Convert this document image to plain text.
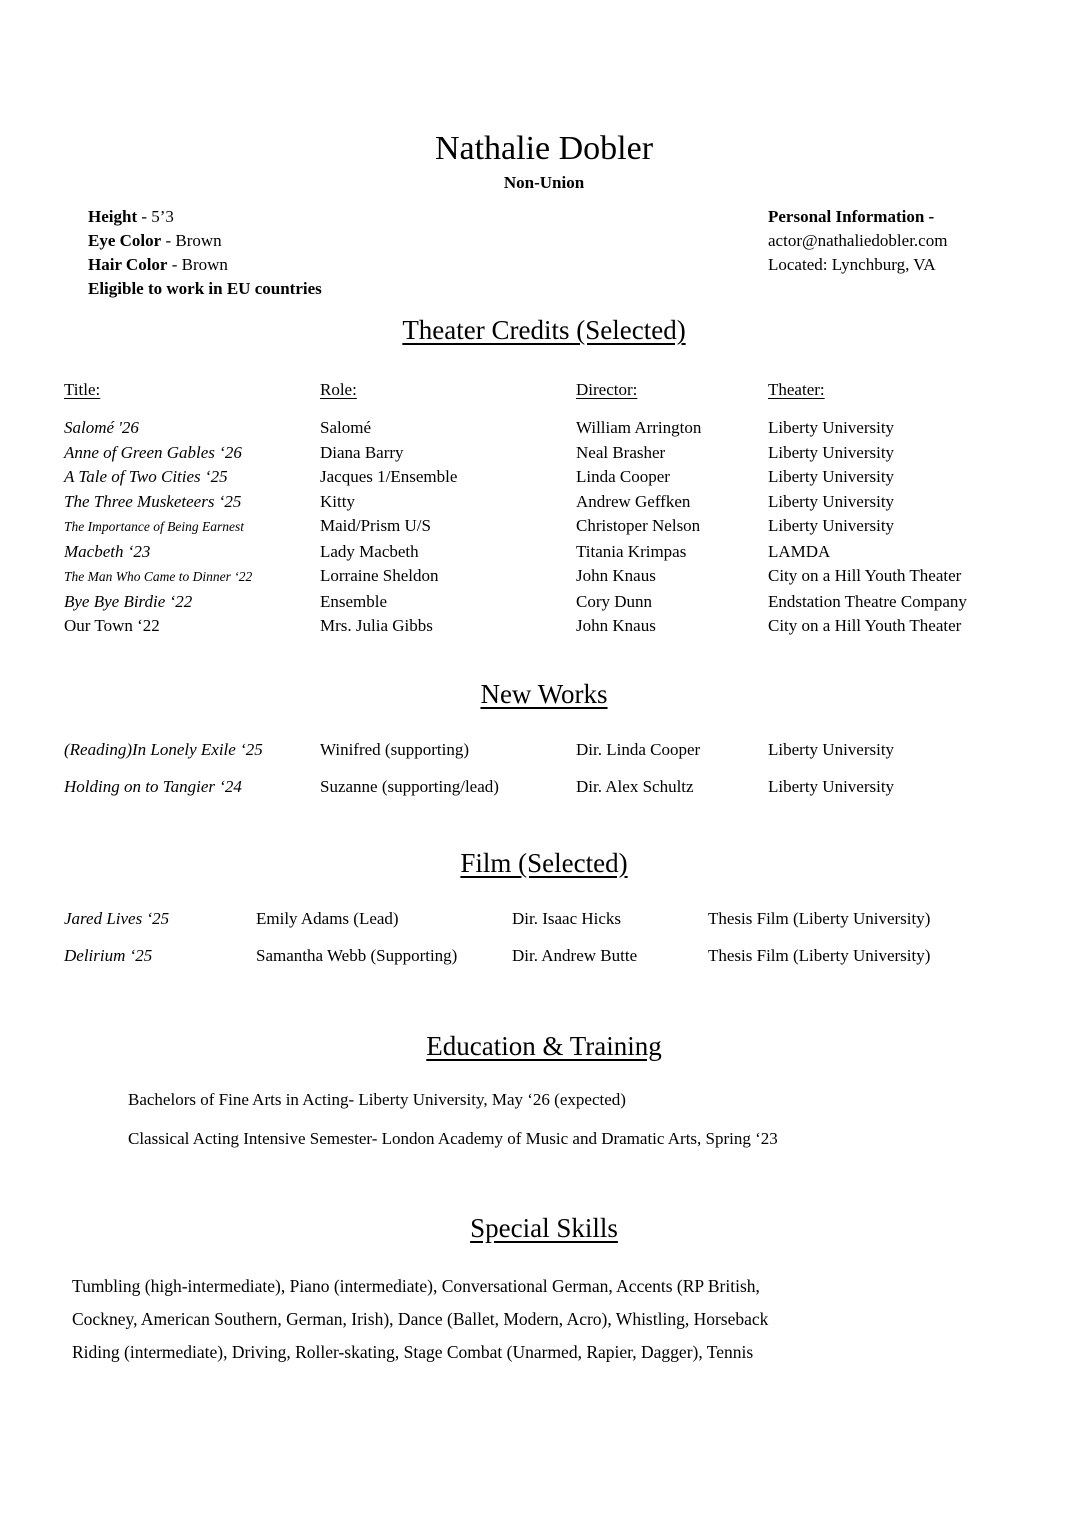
Nathalie Dobler
Non-Union
Height - 5’3
Eye Color - Brown
Hair Color - Brown
Eligible to work in EU countries
Personal Information -
actor@nathaliedobler.com
Located: Lynchburg, VA
Theater Credits (Selected)
Title:	Role:	Director:	Theater:
Salomé '26	Salomé	William Arrington	Liberty University
Anne of Green Gables ‘26	Diana Barry	Neal Brasher	Liberty University
A Tale of Two Cities ‘25	Jacques 1/Ensemble	Linda Cooper	Liberty University
The Three Musketeers ‘25	Kitty	Andrew Geffken	Liberty University
The Importance of Being Earnest	Maid/Prism U/S	Christoper Nelson	Liberty University
Macbeth ‘23	Lady Macbeth	Titania Krimpas	LAMDA
The Man Who Came to Dinner ‘22	Lorraine Sheldon	John Knaus	City on a Hill Youth Theater
Bye Bye Birdie ‘22	Ensemble	Cory Dunn	Endstation Theatre Company
Our Town ‘22	Mrs. Julia Gibbs	John Knaus	City on a Hill Youth Theater
New Works
(Reading)In Lonely Exile ‘25	Winifred (supporting)	Dir. Linda Cooper	Liberty University
Holding on to Tangier ‘24	Suzanne (supporting/lead)	Dir. Alex Schultz	Liberty University
Film (Selected)
Jared Lives ‘25	Emily Adams (Lead)	Dir. Isaac Hicks	Thesis Film (Liberty University)
Delirium ‘25	Samantha Webb (Supporting)	Dir. Andrew Butte	Thesis Film (Liberty University)
Education & Training
Bachelors of Fine Arts in Acting- Liberty University, May ‘26 (expected)
Classical Acting Intensive Semester- London Academy of Music and Dramatic Arts, Spring ‘23
Special Skills
Tumbling (high-intermediate), Piano (intermediate), Conversational German, Accents (RP British,
Cockney, American Southern, German, Irish), Dance (Ballet, Modern, Acro), Whistling, Horseback
Riding (intermediate), Driving, Roller-skating, Stage Combat (Unarmed, Rapier, Dagger), Tennis
